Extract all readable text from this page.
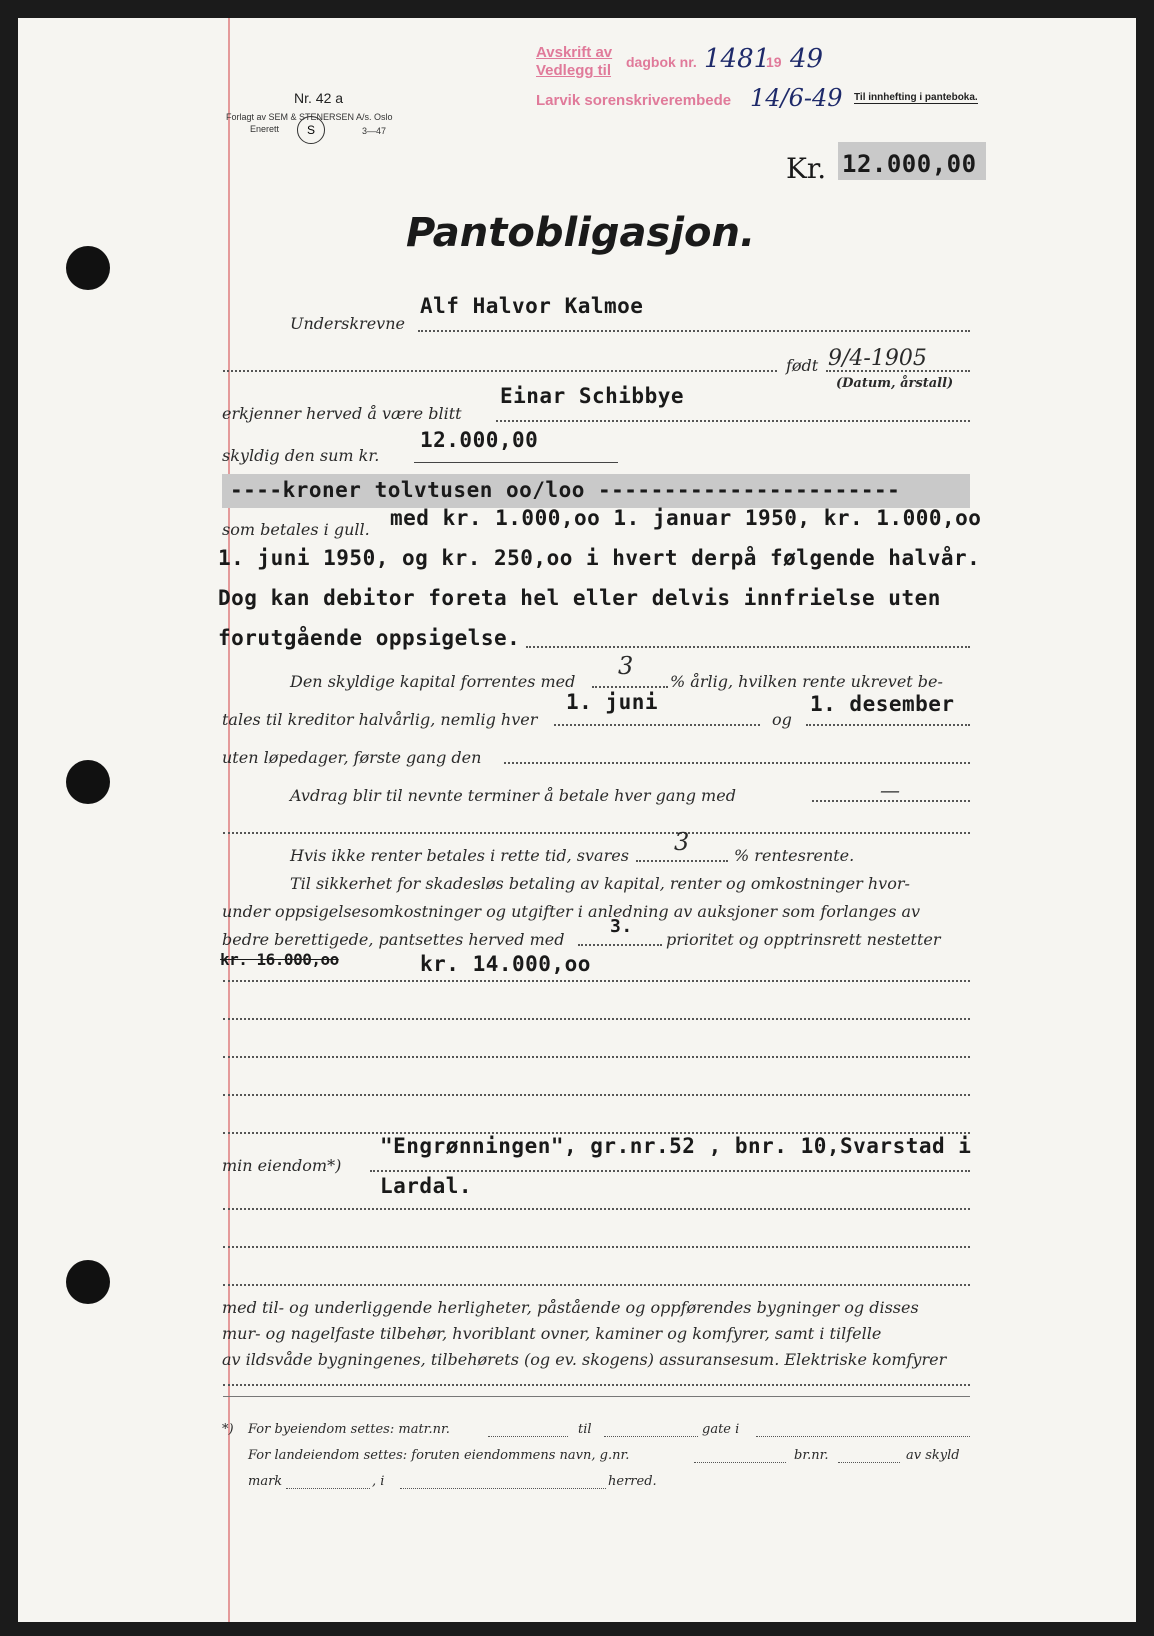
Nr. 42 a
Forlagt av SEM & STENERSEN A/s. Oslo
Enerett	S	3—47
Avskrift av
Vedlegg til dagbok nr. 1481
19 49
Larvik sorenskriverembede 14/6-49 Til innhefting i panteboka.
Kr. 12.000,00
Pantobligasjon.
Underskrevne
Alf Halvor Kalmoe
født 9/4-1905
(Datum, årstall)
erkjenner herved å være blitt
Einar Schibbye
skyldig den sum kr.
12.000,00
----kroner tolvtusen oo/loo -----------------------
som betales i gull. med kr. 1.000,oo 1. januar 1950, kr. 1.000,oo
1. juni 1950, og kr. 250,oo i hvert derpå følgende halvår.
Dog kan debitor foreta hel eller delvis innfrielse uten
forutgående oppsigelse.
Den skyldige kapital forrentes med
3
% årlig, hvilken rente ukrevet be-
tales til kreditor halvårlig, nemlig hver
1. juni
og
1. desember
uten løpedager, første gang den
Avdrag blir til nevnte terminer å betale hver gang med	—
Hvis ikke renter betales i rette tid, svares 3	% rentesrente.
Til sikkerhet for skadesløs betaling av kapital, renter og omkostninger hvor-
under oppsigelsesomkostninger og utgifter i anledning av auksjoner som forlanges av
bedre berettigede, pantsettes herved med
3.
prioritet og opptrinsrett nestetter
kr. 16.000,oo	kr. 14.000,oo
min eiendom*)
"Engrønningen", gr.nr.52 , bnr. 10,Svarstad i
Lardal.
med til- og underliggende herligheter, påstående og oppførendes bygninger og disses
mur- og nagelfaste tilbehør, hvoriblant ovner, kaminer og komfyrer, samt i tilfelle
av ildsvåde bygningenes, tilbehørets (og ev. skogens) assuransesum. Elektriske komfyrer
*) For byeiendom settes: matr.nr.	til	gate i
For landeiendom settes: foruten eiendommens navn, g.nr.	br.nr.	av skyld
mark	, i	herred.
